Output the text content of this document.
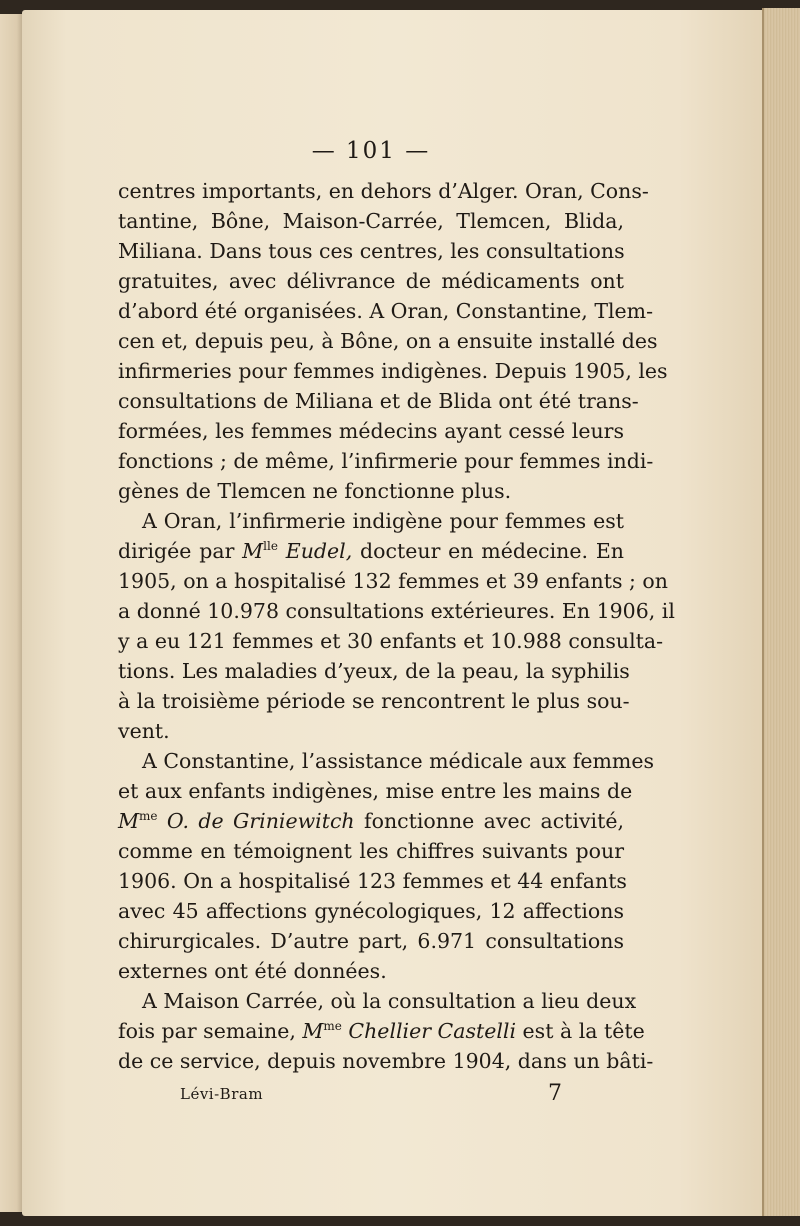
— 101 —
centres importants, en dehors d’Alger. Oran, Cons-
tantine, Bône, Maison-Carrée, Tlemcen, Blida,
Miliana. Dans tous ces centres, les consultations
gratuites, avec délivrance de médicaments ont
d’abord été organisées. A Oran, Constantine, Tlem-
cen et, depuis peu, à Bône, on a ensuite installé des
infirmeries pour femmes indigènes. Depuis 1905, les
consultations de Miliana et de Blida ont été trans-
formées, les femmes médecins ayant cessé leurs
fonctions ; de même, l’infirmerie pour femmes indi-
gènes de Tlemcen ne fonctionne plus.
A Oran, l’infirmerie indigène pour femmes est
dirigée par $M^{lle}$ Eudel, docteur en médecine. En
1905, on a hospitalisé 132 femmes et 39 enfants ; on
a donné 10.978 consultations extérieures. En 1906, il
y a eu 121 femmes et 30 enfants et 10.988 consulta-
tions. Les maladies d’yeux, de la peau, la syphilis
à la troisième période se rencontrent le plus sou-
vent.
A Constantine, l’assistance médicale aux femmes
et aux enfants indigènes, mise entre les mains de
$M^{me}$ O. de Griniewitch fonctionne avec activité,
comme en témoignent les chiffres suivants pour
1906. On a hospitalisé 123 femmes et 44 enfants
avec 45 affections gynécologiques, 12 affections
chirurgicales. D’autre part, 6.971 consultations
externes ont été données.
A Maison Carrée, où la consultation a lieu deux
fois par semaine, $M^{me}$ Chellier Castelli est à la tête
de ce service, depuis novembre 1904, dans un bâti-
Lévi-Bram	7
